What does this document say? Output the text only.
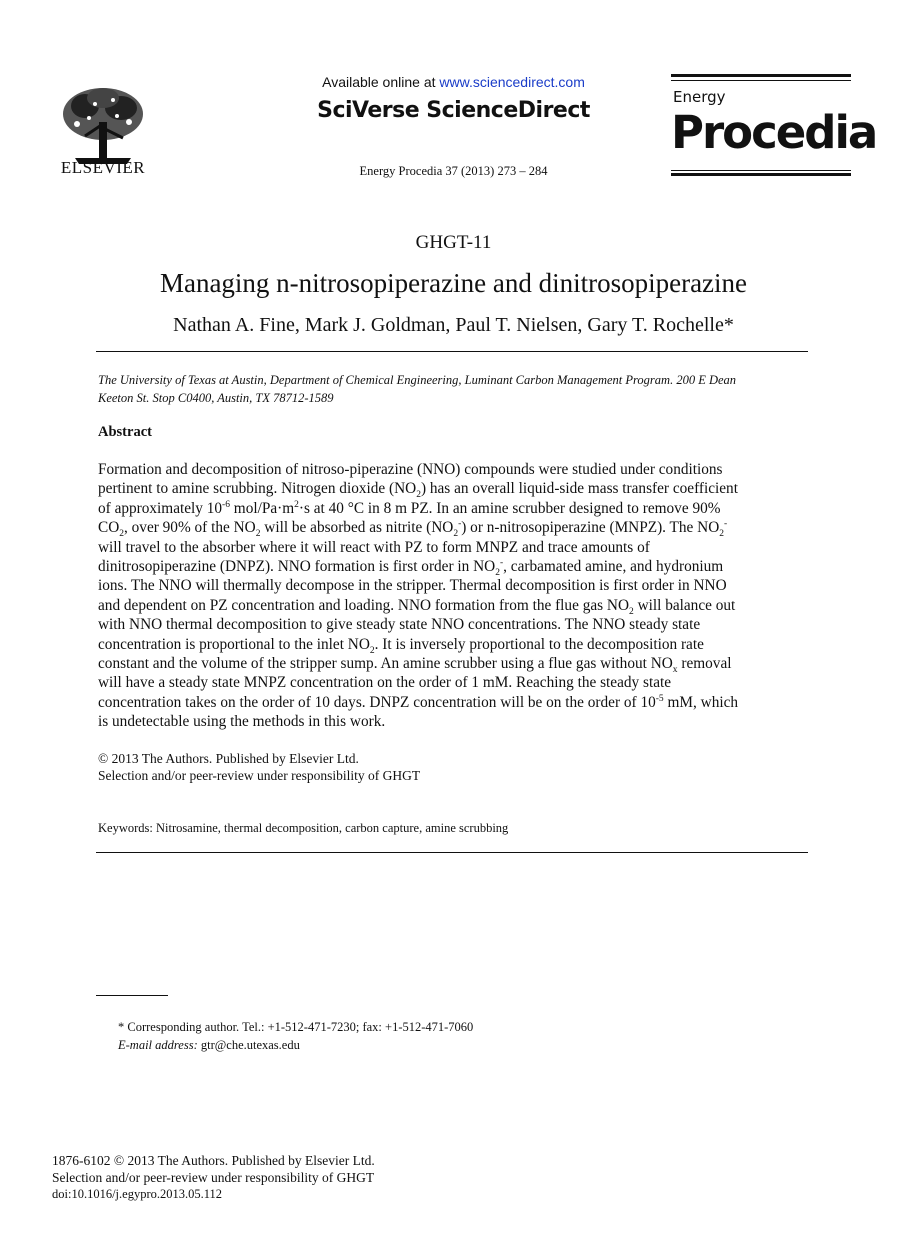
ELSEVIER
Available online at www.sciencedirect.com
SciVerse ScienceDirect
Energy Procedia 37 (2013) 273 – 284
Energy
Procedia
GHGT-11
Managing n-nitrosopiperazine and dinitrosopiperazine
Nathan A. Fine, Mark J. Goldman, Paul T. Nielsen, Gary T. Rochelle*
The University of Texas at Austin, Department of Chemical Engineering, Luminant Carbon Management Program. 200 E Dean
Keeton St. Stop C0400, Austin, TX 78712-1589
Abstract
Formation and decomposition of nitroso-piperazine (NNO) compounds were studied under conditions
pertinent to amine scrubbing. Nitrogen dioxide $(NO_2)$ has an overall liquid-side mass transfer coefficient
of approximately $10^{-6}$ mol/$Pa\cdot m^2\cdot s$ at 40 °C in 8 m PZ. In an amine scrubber designed to remove 90%
$CO_2$, over 90% of the $NO_2$ will be absorbed as nitrite $(NO_2^-)$ or n-nitrosopiperazine (MNPZ). The $NO_2^-$
will travel to the absorber where it will react with PZ to form MNPZ and trace amounts of
dinitrosopiperazine (DNPZ). NNO formation is first order in $NO_2^-$, carbamated amine, and hydronium
ions. The NNO will thermally decompose in the stripper. Thermal decomposition is first order in NNO
and dependent on PZ concentration and loading. NNO formation from the flue gas $NO_2$ will balance out
with NNO thermal decomposition to give steady state NNO concentrations. The NNO steady state
concentration is proportional to the inlet $NO_2$. It is inversely proportional to the decomposition rate
constant and the volume of the stripper sump. An amine scrubber using a flue gas without $NO_x$ removal
will have a steady state MNPZ concentration on the order of 1 mM. Reaching the steady state
concentration takes on the order of 10 days. DNPZ concentration will be on the order of $10^{-5}$ mM, which
is undetectable using the methods in this work.
© 2013 The Authors. Published by Elsevier Ltd.
Selection and/or peer-review under responsibility of GHGT
Keywords: Nitrosamine, thermal decomposition, carbon capture, amine scrubbing
* Corresponding author. Tel.: +1-512-471-7230; fax: +1-512-471-7060
E-mail address: gtr@che.utexas.edu
1876-6102 © 2013 The Authors. Published by Elsevier Ltd.
Selection and/or peer-review under responsibility of GHGT
doi:10.1016/j.egypro.2013.05.112
